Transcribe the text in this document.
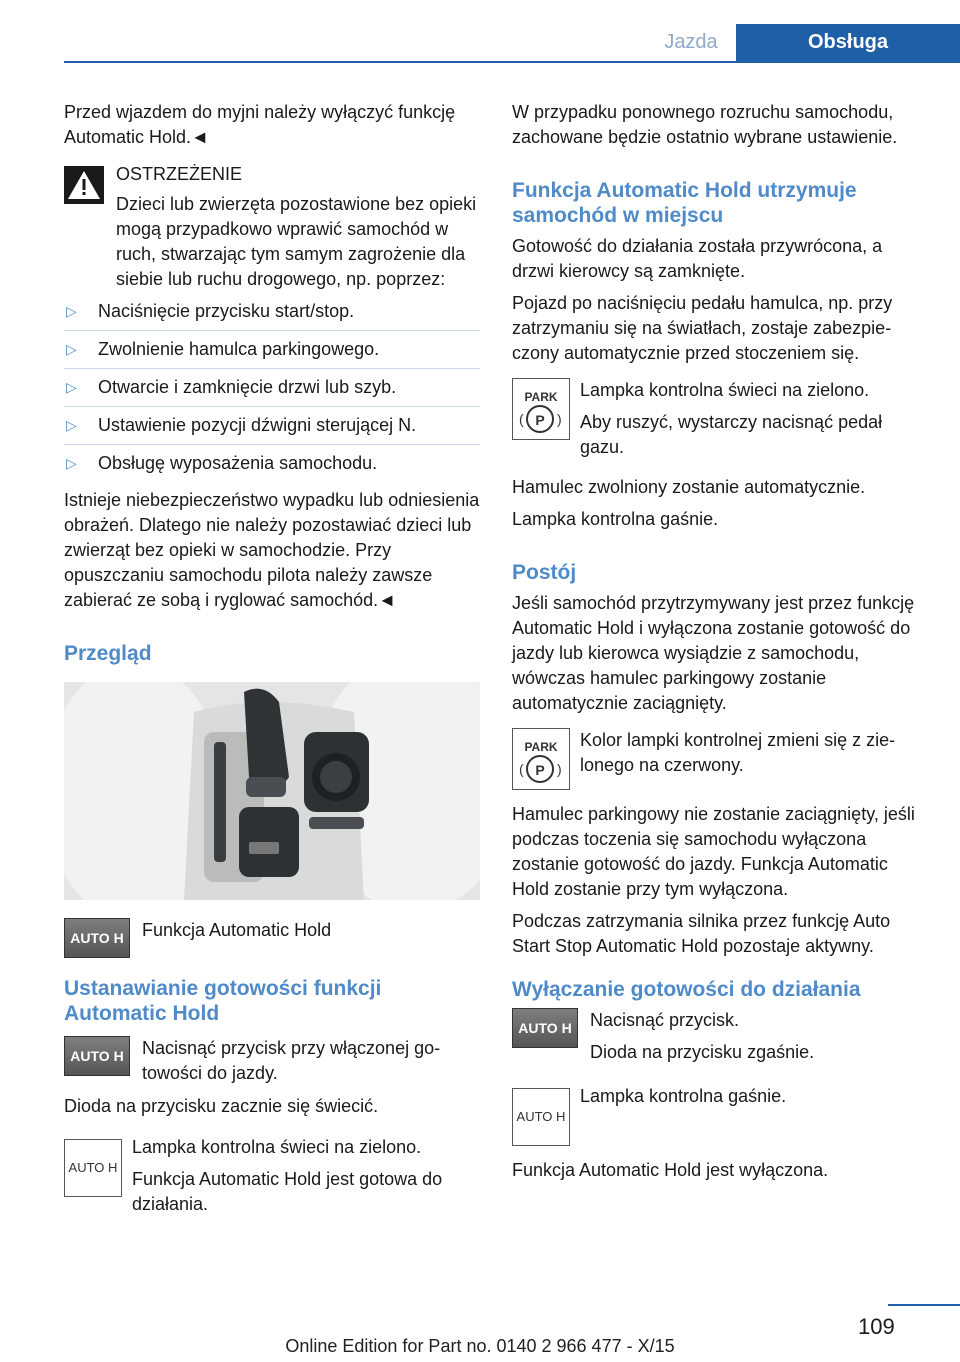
Jazda	Obsługa

Przed wjazdem do myjni należy wyłączyć funkcję Automatic Hold.◄

OSTRZEŻENIE

Dzieci lub zwierzęta pozostawione bez opieki mogą przypadkowo wprawić samochód w ruch, stwarzając tym samym zagrożenie dla siebie lub ruchu drogowego, np. poprzez:

▷ Naciśnięcie przycisku start/stop.
▷ Zwolnienie hamulca parkingowego.
▷ Otwarcie i zamknięcie drzwi lub szyb.
▷ Ustawienie pozycji dźwigni sterującej N.
▷ Obsługę wyposażenia samochodu.

Istnieje niebezpieczeństwo wypadku lub odniesienia obrażeń. Dlatego nie należy pozostawiać dzieci lub zwierząt bez opieki w samochodzie. Przy opuszczaniu samochodu pilota należy zawsze zabierać ze sobą i ryglować samochód.◄

Przegląd
AUTO H	Funkcja Automatic Hold
Ustanawianie gotowości funkcji Automatic Hold
AUTO H	Nacisnąć przycisk przy włączonej gotowości do jazdy.

Dioda na przycisku zacznie się świecić.

AUTO H

Lampka kontrolna świeci na zielono.

Funkcja Automatic Hold jest gotowa do działania.

W przypadku ponownego rozruchu samochodu, zachowane będzie ostatnio wybrane ustawienie.

Funkcja Automatic Hold utrzymuje samochód w miejscu

Gotowość do działania została przywrócona, a drzwi kierowcy są zamknięte.

Pojazd po naciśnięciu pedału hamulca, np. przy zatrzymaniu się na światłach, zostaje zabezpieczony automatycznie przed stoczeniem się.

PARK
( P )

Lampka kontrolna świeci na zielono.

Aby ruszyć, wystarczy nacisnąć pedał gazu.

Hamulec zwolniony zostanie automatycznie.

Lampka kontrolna gaśnie.

Postój

Jeśli samochód przytrzymywany jest przez funkcję Automatic Hold i wyłączona zostanie gotowość do jazdy lub kierowca wysiądzie z samochodu, wówczas hamulec parkingowy zostanie automatycznie zaciągnięty.

PARK
( P )
Kolor lampki kontrolnej zmieni się z zielonego na czerwony.

Hamulec parkingowy nie zostanie zaciągnięty, jeśli podczas toczenia się samochodu wyłączona zostanie gotowość do jazdy. Funkcja Automatic Hold zostanie przy tym wyłączona.

Podczas zatrzymania silnika przez funkcję Auto Start Stop Automatic Hold pozostaje aktywny.

Wyłączanie gotowości do działania
AUTO H	Nacisnąć przycisk.

Dioda na przycisku zgaśnie.

AUTO H
Lampka kontrolna gaśnie.

Funkcja Automatic Hold jest wyłączona.

109
Online Edition for Part no. 0140 2 966 477 - X/15
